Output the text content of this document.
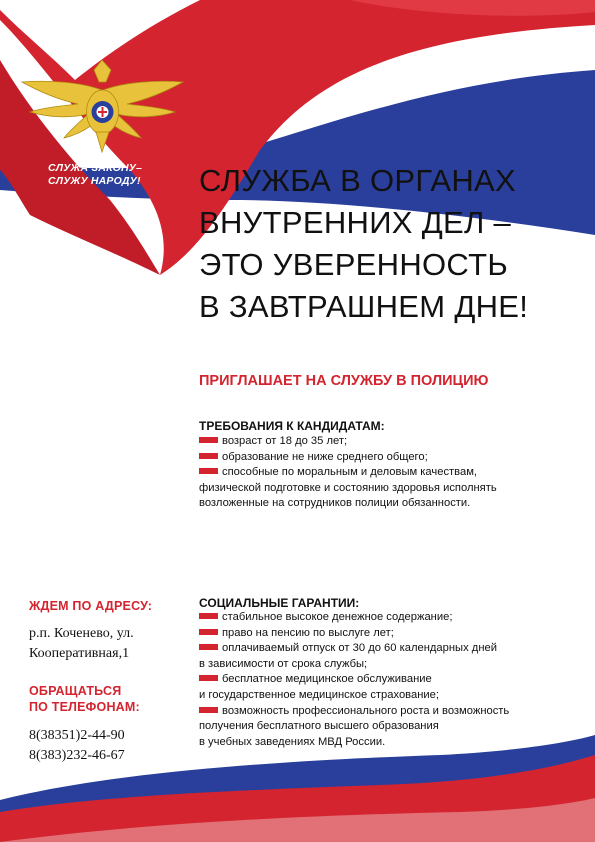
СЛУЖА ЗАКОНУ–
СЛУЖУ НАРОДУ!	СЛУЖБА В ОРГАНАХ
ВНУТРЕННИХ ДЕЛ –
ЭТО УВЕРЕННОСТЬ
В ЗАВТРАШНЕМ ДНЕ!
ПРИГЛАШАЕТ НА СЛУЖБУ В ПОЛИЦИЮ
ТРЕБОВАНИЯ К КАНДИДАТАМ:
возраст от 18 до 35 лет;
образование не ниже среднего общего;
способные по моральным и деловым качествам,
физической подготовке и состоянию здоровья исполнять
возложенные на сотрудников полиции обязанности.
СОЦИАЛЬНЫЕ ГАРАНТИИ:
стабильное высокое денежное содержание;
право на пенсию по выслуге лет;
оплачиваемый отпуск от 30 до 60 календарных дней
в зависимости от срока службы;
бесплатное медицинское обслуживание
и государственное медицинское страхование;
возможность профессионального роста и возможность
получения бесплатного высшего образования
в учебных заведениях МВД России.
ЖДЕМ ПО АДРЕСУ:
р.п. Коченево, ул.
Кооперативная,1
ОБРАЩАТЬСЯ
ПО ТЕЛЕФОНАМ:
8(38351)2-44-90
8(383)232-46-67
